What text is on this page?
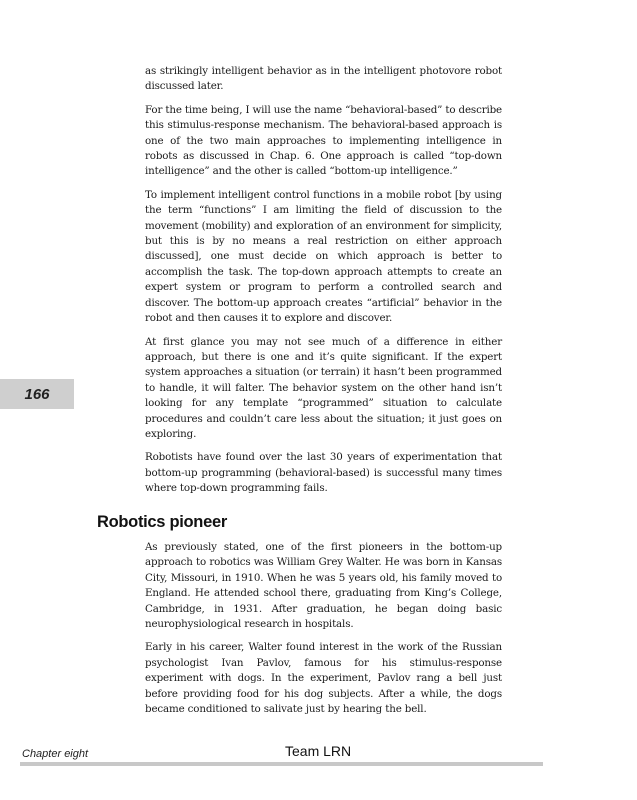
as strikingly intelligent behavior as in the intelligent photovore robot discussed later.

For the time being, I will use the name “behavioral-based” to describe this stimulus-response mechanism. The behavioral-based approach is one of the two main approaches to implementing intelligence in robots as discussed in Chap. 6. One approach is called “top-down intelligence” and the other is called “bottom-up intelligence.”

To implement intelligent control functions in a mobile robot [by using the term “functions” I am limiting the field of discussion to the movement (mobility) and exploration of an environment for simplicity, but this is by no means a real restriction on either approach discussed], one must decide on which approach is better to accomplish the task. The top-down approach attempts to create an expert system or program to perform a controlled search and discover. The bottom-up approach creates “artificial” behavior in the robot and then causes it to explore and discover.

At first glance you may not see much of a difference in either approach, but there is one and it’s quite significant. If the expert system approaches a situation (or terrain) it hasn’t been programmed to handle, it will falter. The behavior system on the other hand isn’t looking for any template “programmed” situation to calculate procedures and couldn’t care less about the situation; it just goes on exploring.

Robotists have found over the last 30 years of experimentation that bottom-up programming (behavioral-based) is successful many times where top-down programming fails.

Robotics pioneer

As previously stated, one of the first pioneers in the bottom-up approach to robotics was William Grey Walter. He was born in Kansas City, Missouri, in 1910. When he was 5 years old, his family moved to England. He attended school there, graduating from King’s College, Cambridge, in 1931. After graduation, he began doing basic neurophysiological research in hospitals.

Early in his career, Walter found interest in the work of the Russian psychologist Ivan Pavlov, famous for his stimulus-response experiment with dogs. In the experiment, Pavlov rang a bell just before providing food for his dog subjects. After a while, the dogs became conditioned to salivate just by hearing the bell.

166
Chapter eight	Team LRN
